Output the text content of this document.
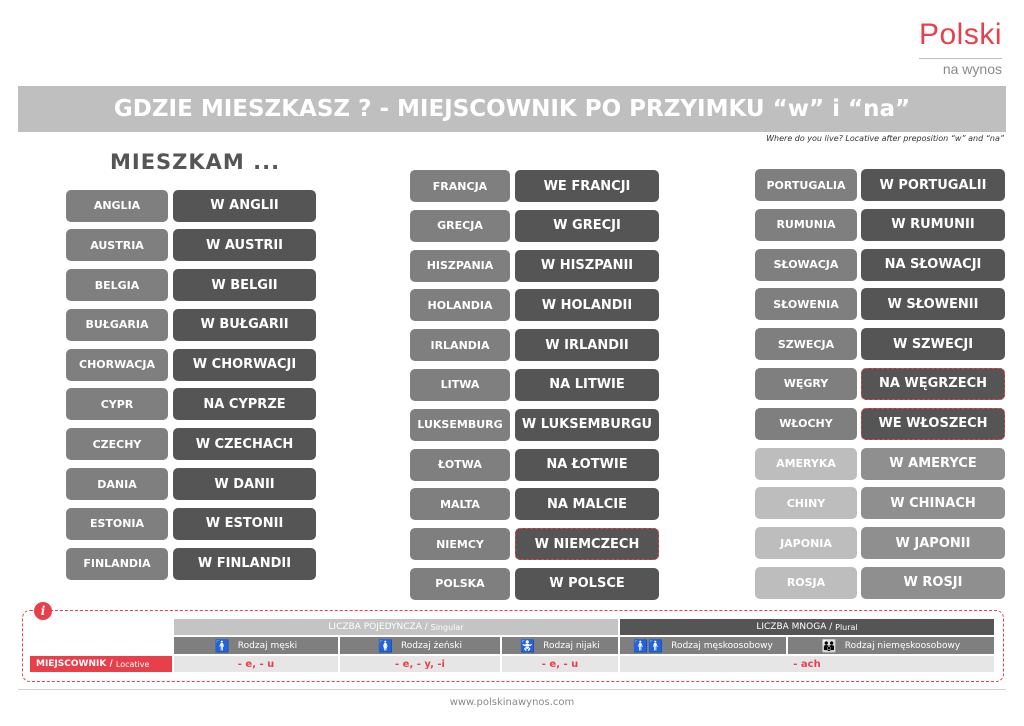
Polski
na wynos
GDZIE MIESZKASZ ? - MIEJSCOWNIK PO PRZYIMKU “w” i “na”
Where do you live? Locative after preposition “w” and “na”
MIESZKAM ...
ANGLIA	W ANGLII
AUSTRIA	W AUSTRII
BELGIA	W BELGII
BUŁGARIA	W BUŁGARII
CHORWACJA	W CHORWACJI
CYPR	NA CYPRZE
CZECHY	W CZECHACH
DANIA	W DANII
ESTONIA	W ESTONII
FINLANDIA	W FINLANDII
FRANCJA	WE FRANCJI
GRECJA	W GRECJI
HISZPANIA	W HISZPANII
HOLANDIA	W HOLANDII
IRLANDIA	W IRLANDII
LITWA	NA LITWIE
LUKSEMBURG	W LUKSEMBURGU
ŁOTWA	NA ŁOTWIE
MALTA	NA MALCIE
NIEMCY	W NIEMCZECH
POLSKA	W POLSCE
PORTUGALIA	W PORTUGALII
RUMUNIA	W RUMUNII
SŁOWACJA	NA SŁOWACJI
SŁOWENIA	W SŁOWENII
SZWECJA	W SZWECJI
WĘGRY	NA WĘGRZECH
WŁOCHY	WE WŁOSZECH
AMERYKA	W AMERYCE
CHINY	W CHINACH
JAPONIA	W JAPONII
ROSJA	W ROSJI
i
LICZBA POJEDYNCZA / Singular	LICZBA MNOGA / Plural
🚹 Rodzaj męski	🚺 Rodzaj żeński	🚼 Rodzaj nijaki	🚹🚹 Rodzaj męskoosobowy	👪 Rodzaj niemęskoosobowy
MIEJSCOWNIK / Locative	- e, - u	- e, - y, -i	- e, - u	- ach
www.polskinawynos.com
